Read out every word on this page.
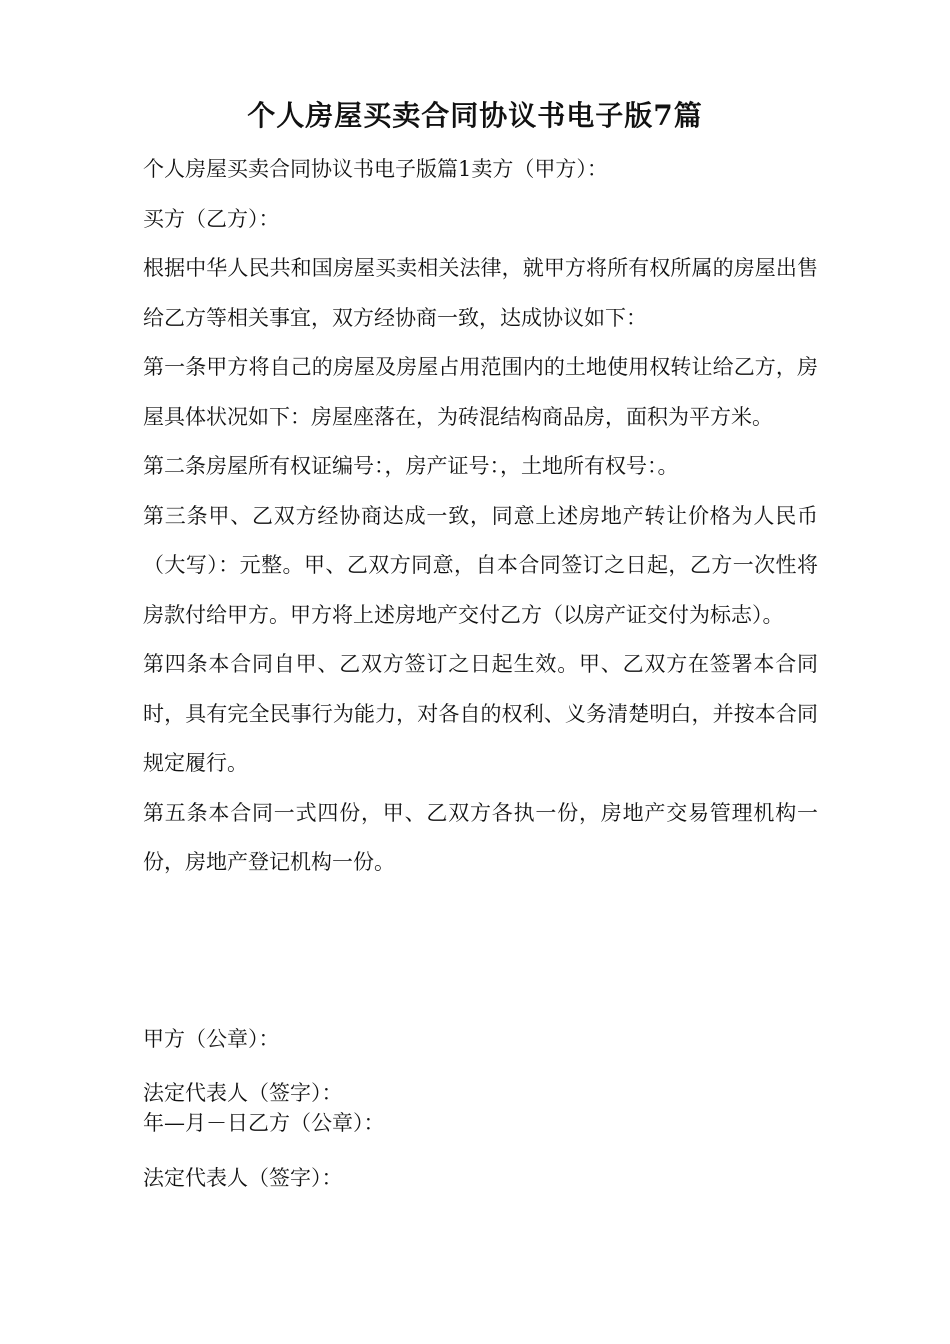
个人房屋买卖合同协议书电子版7篇

个人房屋买卖合同协议书电子版篇1卖方（甲方）：

买方（乙方）：

根据中华人民共和国房屋买卖相关法律，就甲方将所有权所属的房屋出售给乙方等相关事宜，双方经协商一致，达成协议如下：

第一条甲方将自己的房屋及房屋占用范围内的土地使用权转让给乙方，房屋具体状况如下：房屋座落在，为砖混结构商品房，面积为平方米。

第二条房屋所有权证编号：，房产证号：，土地所有权号：。

第三条甲、乙双方经协商达成一致，同意上述房地产转让价格为人民币（大写）：元整。甲、乙双方同意，自本合同签订之日起，乙方一次性将房款付给甲方。甲方将上述房地产交付乙方（以房产证交付为标志）。

第四条本合同自甲、乙双方签订之日起生效。甲、乙双方在签署本合同时，具有完全民事行为能力，对各自的权利、义务清楚明白，并按本合同规定履行。

第五条本合同一式四份，甲、乙双方各执一份，房地产交易管理机构一份，房地产登记机构一份。

甲方（公章）：

法定代表人（签字）：

年—月－日乙方（公章）：

法定代表人（签字）：
